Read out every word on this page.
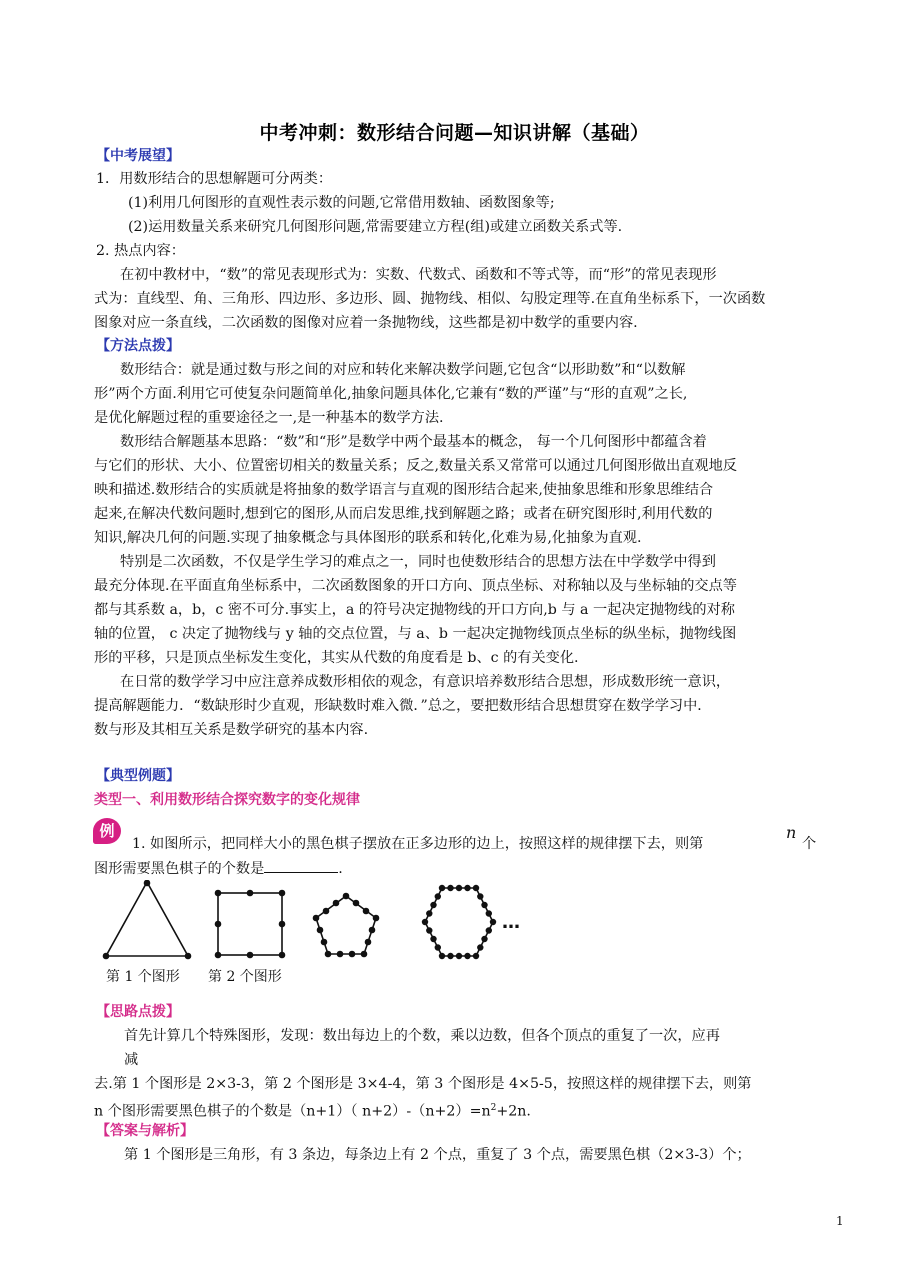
中考冲刺：数形结合问题—知识讲解（基础）
【中考展望】
1．用数形结合的思想解题可分两类：
(1)利用几何图形的直观性表示数的问题,它常借用数轴、函数图象等;
(2)运用数量关系来研究几何图形问题,常需要建立方程(组)或建立函数关系式等.
2. 热点内容：
在初中教材中，“数”的常见表现形式为：实数、代数式、函数和不等式等，而“形”的常见表现形
式为：直线型、角、三角形、四边形、多边形、圆、抛物线、相似、勾股定理等.在直角坐标系下，一次函数
图象对应一条直线，二次函数的图像对应着一条抛物线，这些都是初中数学的重要内容.
【方法点拨】
数形结合：就是通过数与形之间的对应和转化来解决数学问题,它包含“以形助数”和“以数解
形”两个方面.利用它可使复杂问题简单化,抽象问题具体化,它兼有“数的严谨”与“形的直观”之长,
是优化解题过程的重要途径之一,是一种基本的数学方法.
数形结合解题基本思路：“数”和“形”是数学中两个最基本的概念， 每一个几何图形中都蕴含着
与它们的形状、大小、位置密切相关的数量关系；反之,数量关系又常常可以通过几何图形做出直观地反
映和描述.数形结合的实质就是将抽象的数学语言与直观的图形结合起来,使抽象思维和形象思维结合
起来,在解决代数问题时,想到它的图形,从而启发思维,找到解题之路；或者在研究图形时,利用代数的
知识,解决几何的问题.实现了抽象概念与具体图形的联系和转化,化难为易,化抽象为直观.
特别是二次函数，不仅是学生学习的难点之一，同时也使数形结合的思想方法在中学数学中得到
最充分体现.在平面直角坐标系中，二次函数图象的开口方向、顶点坐标、对称轴以及与坐标轴的交点等
都与其系数 a，b，c 密不可分.事实上，a 的符号决定抛物线的开口方向,b 与 a 一起决定抛物线的对称
轴的位置， c 决定了抛物线与 y 轴的交点位置，与 a、b 一起决定抛物线顶点坐标的纵坐标，抛物线图
形的平移，只是顶点坐标发生变化，其实从代数的角度看是 b、c 的有关变化.
在日常的数学学习中应注意养成数形相依的观念，有意识培养数形结合思想，形成数形统一意识，
提高解题能力．“数缺形时少直观，形缺数时难入微．”总之，要把数形结合思想贯穿在数学学习中．
数与形及其相互关系是数学研究的基本内容.
【典型例题】
类型一、利用数形结合探究数字的变化规律
例
1. 如图所示，把同样大小的黑色棋子摆放在正多边形的边上，按照这样的规律摆下去，则第
n
个
图形需要黑色棋子的个数是	.
…
第 1 个图形 第 2 个图形
【思路点拨】
首先计算几个特殊图形，发现：数出每边上的个数，乘以边数，但各个顶点的重复了一次，应再
减
去.第 1 个图形是 2×3-3，第 2 个图形是 3×4-4，第 3 个图形是 4×5-5，按照这样的规律摆下去，则第
n 个图形需要黑色棋子的个数是（n+1）（ $n+2)-(n+2)=n^2+2n$.
【答案与解析】
第 1 个图形是三角形，有 3 条边，每条边上有 2 个点，重复了 3 个点，需要黑色棋（2×3-3）个；
1
